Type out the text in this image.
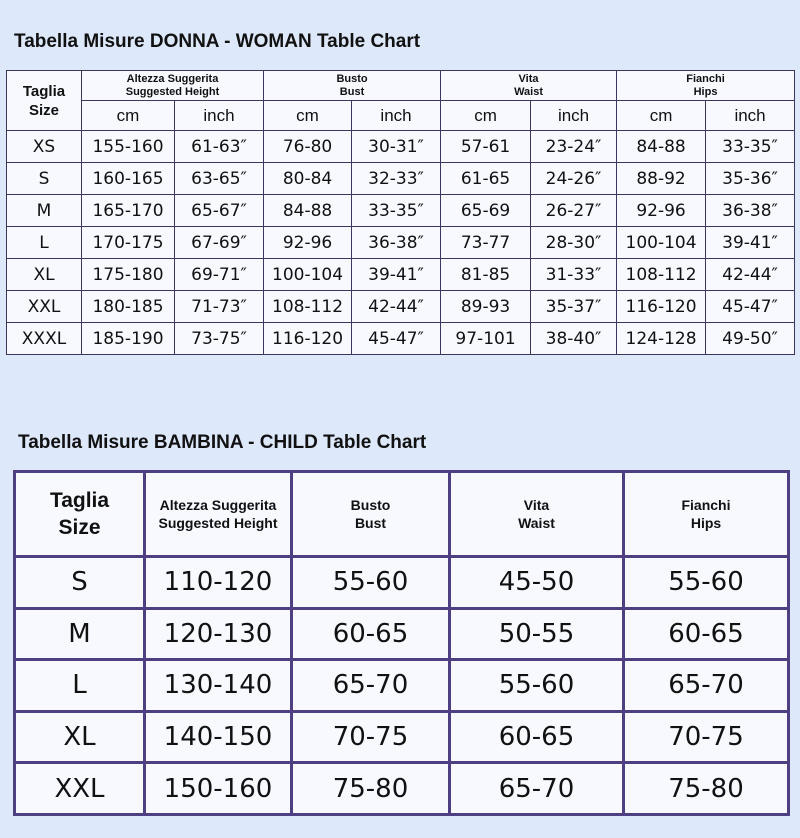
Tabella Misure DONNA - WOMAN Table Chart
Taglia
Size	Altezza Suggerita
Suggested Height		Busto
Bust		Vita
Waist		Fianchi
Hips	

	cm	inch	cm	inch	cm	inch	cm	inch
XS	155-160	61-63″	76-80	30-31″	57-61	23-24″	84-88	33-35″
S	160-165	63-65″	80-84	32-33″	61-65	24-26″	88-92	35-36″
M	165-170	65-67″	84-88	33-35″	65-69	26-27″	92-96	36-38″
L	170-175	67-69″	92-96	36-38″	73-77	28-30″	100-104	39-41″
XL	175-180	69-71″	100-104	39-41″	81-85	31-33″	108-112	42-44″
XXL	180-185	71-73″	108-112	42-44″	89-93	35-37″	116-120	45-47″
XXXL	185-190	73-75″	116-120	45-47″	97-101	38-40″	124-128	49-50″
Tabella Misure BAMBINA - CHILD Table Chart
Taglia
Size	Altezza Suggerita
Suggested Height	Busto
Bust	Vita
Waist	Fianchi
Hips

S	110-120	55-60	45-50	55-60
M	120-130	60-65	50-55	60-65
L	130-140	65-70	55-60	65-70
XL	140-150	70-75	60-65	70-75
XXL	150-160	75-80	65-70	75-80
